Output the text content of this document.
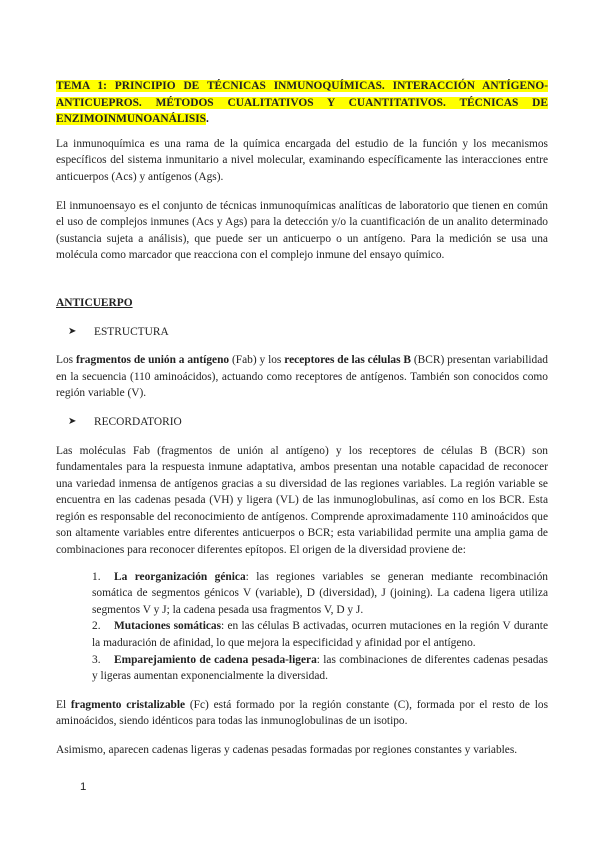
TEMA 1: PRINCIPIO DE TÉCNICAS INMUNOQUÍMICAS. INTERACCIÓN ANTÍGENO-ANTICUEPROS. MÉTODOS CUALITATIVOS Y CUANTITATIVOS. TÉCNICAS DE ENZIMOINMUNOANÁLISIS.

La inmunoquímica es una rama de la química encargada del estudio de la función y los mecanismos específicos del sistema inmunitario a nivel molecular, examinando específicamente las interacciones entre anticuerpos (Acs) y antígenos (Ags).

El inmunoensayo es el conjunto de técnicas inmunoquímicas analíticas de laboratorio que tienen en común el uso de complejos inmunes (Acs y Ags) para la detección y/o la cuantificación de un analito determinado (sustancia sujeta a análisis), que puede ser un anticuerpo o un antígeno. Para la medición se usa una molécula como marcador que reacciona con el complejo inmune del ensayo químico.

ANTICUERPO

➤	ESTRUCTURA

Los fragmentos de unión a antígeno (Fab) y los receptores de las células B (BCR) presentan variabilidad en la secuencia (110 aminoácidos), actuando como receptores de antígenos. También son conocidos como región variable (V).

➤	RECORDATORIO

Las moléculas Fab (fragmentos de unión al antígeno) y los receptores de células B (BCR) son fundamentales para la respuesta inmune adaptativa, ambos presentan una notable capacidad de reconocer una variedad inmensa de antígenos gracias a su diversidad de las regiones variables. La región variable se encuentra en las cadenas pesada (VH) y ligera (VL) de las inmunoglobulinas, así como en los BCR. Esta región es responsable del reconocimiento de antígenos. Comprende aproximadamente 110 aminoácidos que son altamente variables entre diferentes anticuerpos o BCR; esta variabilidad permite una amplia gama de combinaciones para reconocer diferentes epítopos. El origen de la diversidad proviene de:

1. La reorganización génica: las regiones variables se generan mediante recombinación somática de segmentos génicos V (variable), D (diversidad), J (joining). La cadena ligera utiliza segmentos V y J; la cadena pesada usa fragmentos V, D y J.
2. Mutaciones somáticas: en las células B activadas, ocurren mutaciones en la región V durante la maduración de afinidad, lo que mejora la especificidad y afinidad por el antígeno.
3. Emparejamiento de cadena pesada-ligera: las combinaciones de diferentes cadenas pesadas y ligeras aumentan exponencialmente la diversidad.

El fragmento cristalizable (Fc) está formado por la región constante (C), formada por el resto de los aminoácidos, siendo idénticos para todas las inmunoglobulinas de un isotipo.

Asimismo, aparecen cadenas ligeras y cadenas pesadas formadas por regiones constantes y variables.

1
